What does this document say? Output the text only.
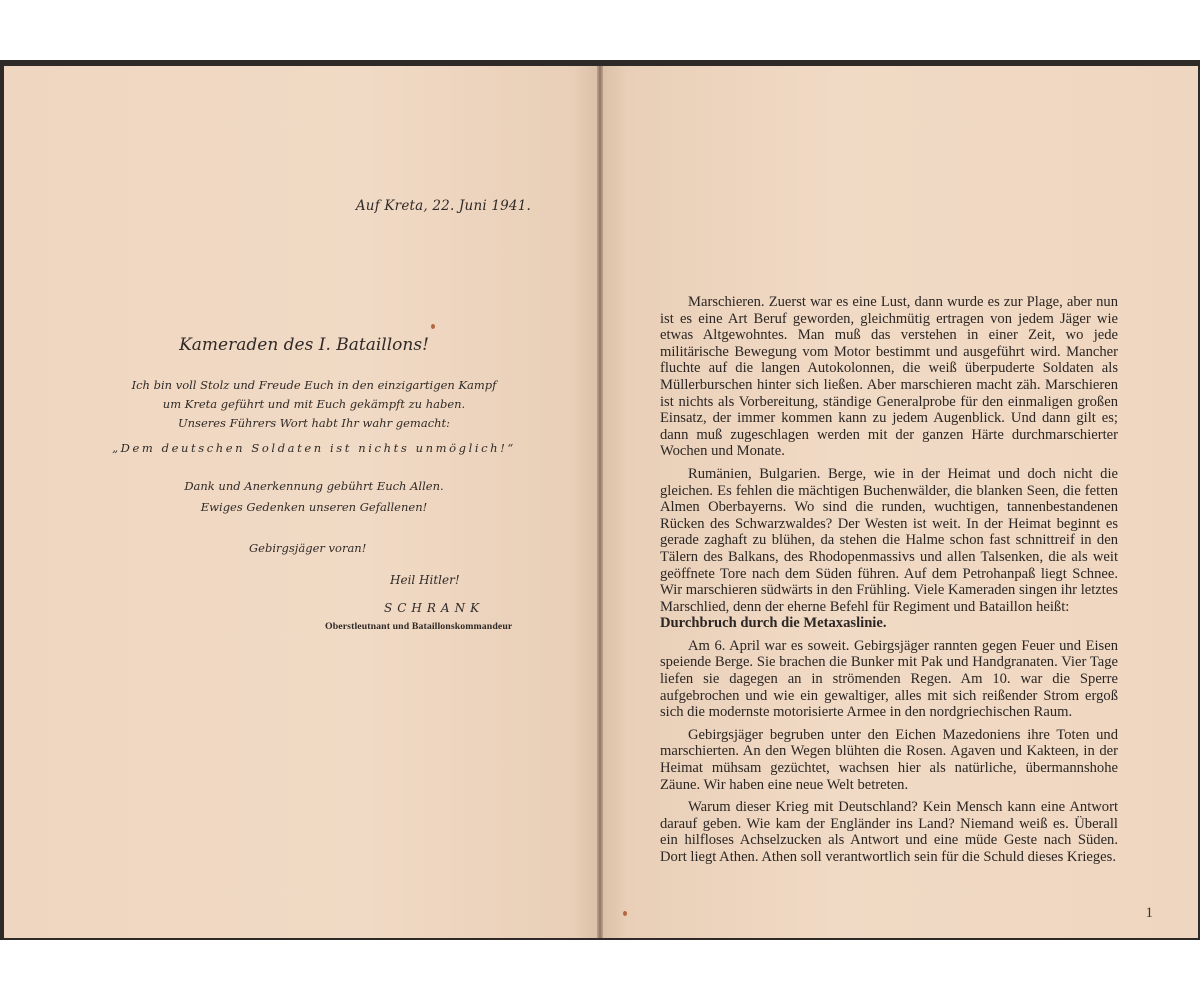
Auf Kreta, 22. Juni 1941.
Kameraden des I. Bataillons!

Ich bin voll Stolz und Freude Euch in den einzigartigen Kampf

um Kreta geführt und mit Euch gekämpft zu haben.

Unseres Führers Wort habt Ihr wahr gemacht:

„Dem deutschen Soldaten ist nichts unmöglich!“

Dank und Anerkennung gebührt Euch Allen.

Ewiges Gedenken unseren Gefallenen!

Gebirgsjäger voran!
Heil Hitler!
SCHRANK
Oberstleutnant und Bataillonskommandeur

Marschieren. Zuerst war es eine Lust, dann wurde es zur Plage, aber nun ist es eine Art Beruf geworden, gleichmütig ertragen von jedem Jäger wie etwas Altgewohntes. Man muß das verstehen in einer Zeit, wo jede militärische Bewegung vom Motor bestimmt und ausgeführt wird. Mancher fluchte auf die langen Autokolonnen, die weiß überpuderte Soldaten als Müllerburschen hinter sich ließen. Aber marschieren macht zäh. Marschieren ist nichts als Vorbereitung, ständige Generalprobe für den einmaligen großen Einsatz, der immer kommen kann zu jedem Augenblick. Und dann gilt es; dann muß zugeschlagen werden mit der ganzen Härte durchmarschierter Wochen und Monate.

Rumänien, Bulgarien. Berge, wie in der Heimat und doch nicht die gleichen. Es fehlen die mächtigen Buchenwälder, die blanken Seen, die fetten Almen Oberbayerns. Wo sind die runden, wuchtigen, tannenbestandenen Rücken des Schwarzwaldes? Der Westen ist weit. In der Heimat beginnt es gerade zaghaft zu blühen, da stehen die Halme schon fast schnittreif in den Tälern des Balkans, des Rhodopenmassivs und allen Talsenken, die als weit geöffnete Tore nach dem Süden führen. Auf dem Petrohanpaß liegt Schnee. Wir marschieren südwärts in den Frühling. Viele Kameraden singen ihr letztes Marschlied, denn der eherne Befehl für Regiment und Bataillon heißt:
Durchbruch durch die Metaxaslinie.

Am 6. April war es soweit. Gebirgsjäger rannten gegen Feuer und Eisen speiende Berge. Sie brachen die Bunker mit Pak und Handgranaten. Vier Tage liefen sie dagegen an in strömenden Regen. Am 10. war die Sperre aufgebrochen und wie ein gewaltiger, alles mit sich reißender Strom ergoß sich die modernste motorisierte Armee in den nordgriechischen Raum.

Gebirgsjäger begruben unter den Eichen Mazedoniens ihre Toten und marschierten. An den Wegen blühten die Rosen. Agaven und Kakteen, in der Heimat mühsam gezüchtet, wachsen hier als natürliche, übermannshohe Zäune. Wir haben eine neue Welt betreten.

Warum dieser Krieg mit Deutschland? Kein Mensch kann eine Antwort darauf geben. Wie kam der Engländer ins Land? Niemand weiß es. Überall ein hilfloses Achselzucken als Antwort und eine müde Geste nach Süden. Dort liegt Athen. Athen soll verantwortlich sein für die Schuld dieses Krieges.

1
